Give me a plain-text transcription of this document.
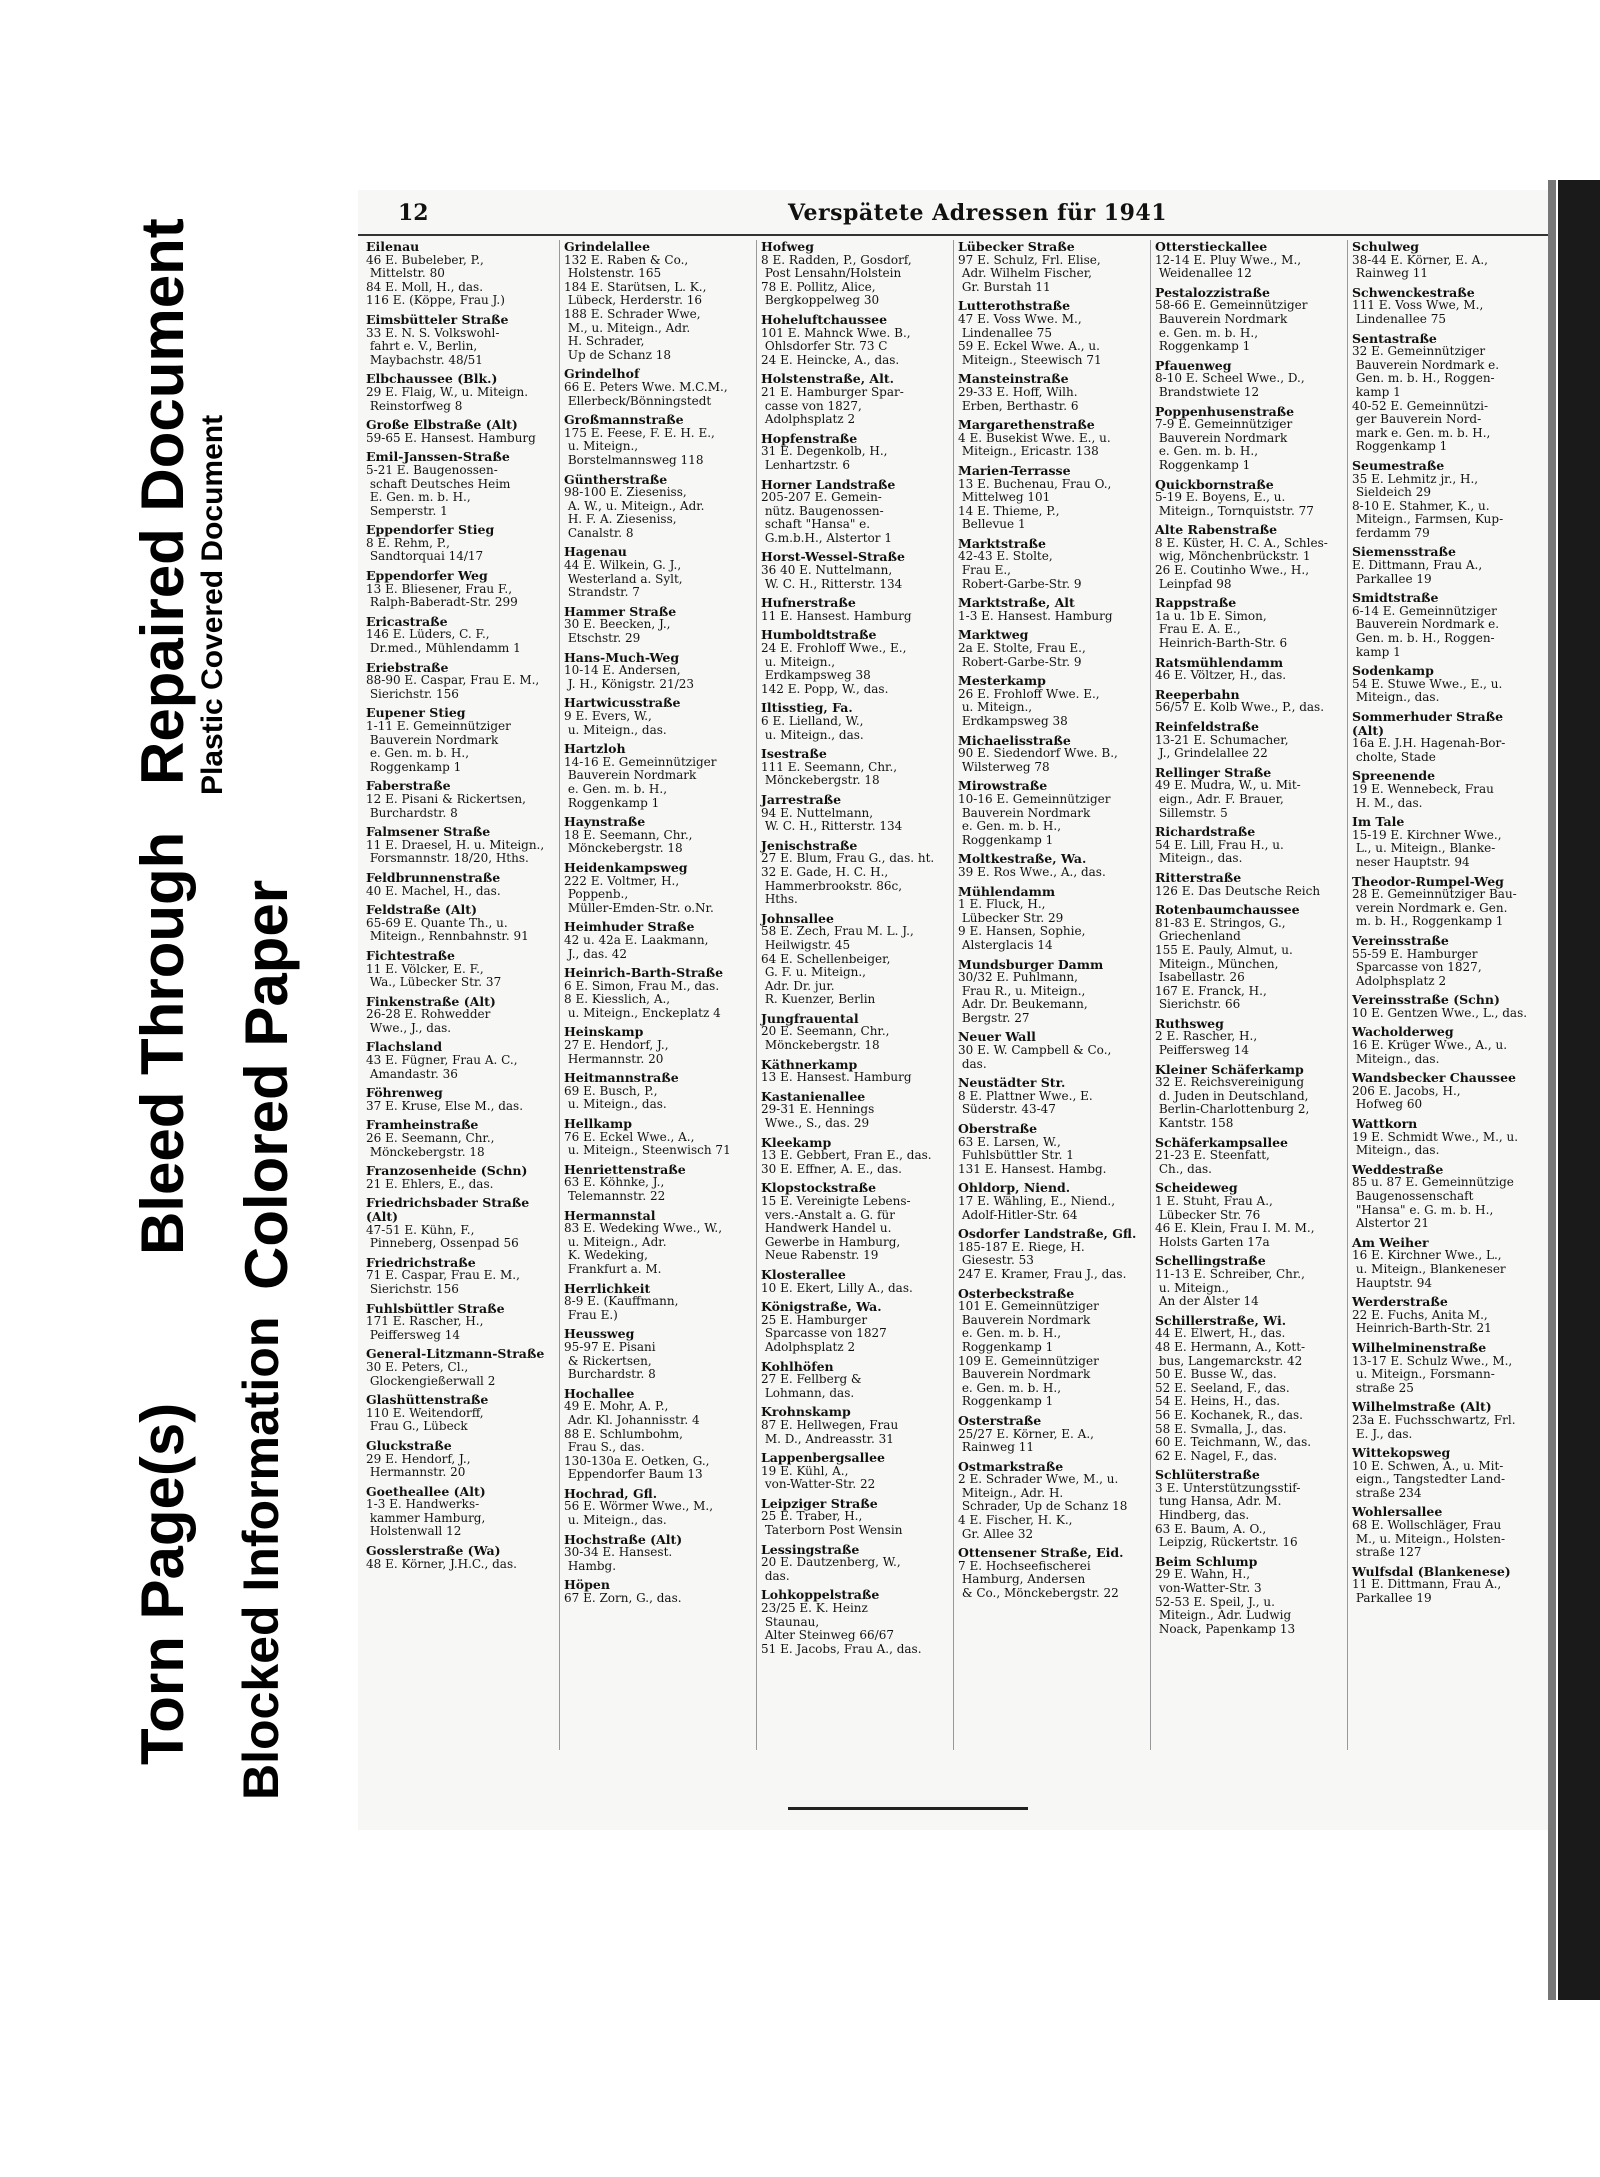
Torn Page(s)
Bleed Through
Repaired Document
Blocked Information
Colored Paper
Plastic Covered Document
12	Verspätete Adressen für 1941
Eilenau
46 E. Bubeleber, P.,
Mittelstr. 80
84 E. Moll, H., das.
116 E. (Köppe, Frau J.)
Eimsbütteler Straße
33 E. N. S. Volkswohl-
fahrt e. V., Berlin,
Maybachstr. 48/51
Elbchaussee (Blk.)
29 E. Flaig, W., u. Miteign.
Reinstorfweg 8
Große Elbstraße (Alt)
59-65 E. Hansest. Hamburg
Emil-Janssen-Straße
5-21 E. Baugenossen-
schaft Deutsches Heim
E. Gen. m. b. H.,
Semperstr. 1
Eppendorfer Stieg
8 E. Rehm, P.,
Sandtorquai 14/17
Eppendorfer Weg
13 E. Bliesener, Frau F.,
Ralph-Baberadt-Str. 299
Ericastraße
146 E. Lüders, C. F.,
Dr.med., Mühlendamm 1
Eriebstraße
88-90 E. Caspar, Frau E. M.,
Sierichstr. 156
Eupener Stieg
1-11 E. Gemeinnütziger
Bauverein Nordmark
e. Gen. m. b. H.,
Roggenkamp 1
Faberstraße
12 E. Pisani & Rickertsen,
Burchardstr. 8
Falmsener Straße
11 E. Draesel, H. u. Miteign.,
Forsmannstr. 18/20, Hths.
Feldbrunnenstraße
40 E. Machel, H., das.
Feldstraße (Alt)
65-69 E. Quante Th., u.
Miteign., Rennbahnstr. 91
Fichtestraße
11 E. Völcker, E. F.,
Wa., Lübecker Str. 37
Finkenstraße (Alt)
26-28 E. Rohwedder
Wwe., J., das.
Flachsland
43 E. Fügner, Frau A. C.,
Amandastr. 36
Föhrenweg
37 E. Kruse, Else M., das.
Framheinstraße
26 E. Seemann, Chr.,
Mönckebergstr. 18
Franzosenheide (Schn)
21 E. Ehlers, E., das.
Friedrichsbader Straße (Alt)
47-51 E. Kühn, F.,
Pinneberg, Ossenpad 56
Friedrichstraße
71 E. Caspar, Frau E. M.,
Sierichstr. 156
Fuhlsbüttler Straße
171 E. Rascher, H.,
Peiffersweg 14
General-Litzmann-Straße
30 E. Peters, Cl.,
Glockengießerwall 2
Glashüttenstraße
110 E. Weitendorff,
Frau G., Lübeck
Gluckstraße
29 E. Hendorf, J.,
Hermannstr. 20
Goetheallee (Alt)
1-3 E. Handwerks-
kammer Hamburg,
Holstenwall 12
Gosslerstraße (Wa)
48 E. Körner, J.H.C., das.
Grindelallee
132 E. Raben & Co.,
Holstenstr. 165
184 E. Starütsen, L. K.,
Lübeck, Herderstr. 16
188 E. Schrader Wwe,
M., u. Miteign., Adr.
H. Schrader,
Up de Schanz 18
Grindelhof
66 E. Peters Wwe. M.C.M.,
Ellerbeck/Bönningstedt
Großmannstraße
175 E. Feese, F. E. H. E.,
u. Miteign.,
Borstelmannsweg 118
Güntherstraße
98-100 E. Zieseniss,
A. W., u. Miteign., Adr.
H. F. A. Zieseniss,
Canalstr. 8
Hagenau
44 E. Wilkein, G. J.,
Westerland a. Sylt,
Strandstr. 7
Hammer Straße
30 E. Beecken, J.,
Etschstr. 29
Hans-Much-Weg
10-14 E. Andersen,
J. H., Königstr. 21/23
Hartwicusstraße
9 E. Evers, W.,
u. Miteign., das.
Hartzloh
14-16 E. Gemeinnütziger
Bauverein Nordmark
e. Gen. m. b. H.,
Roggenkamp 1
Haynstraße
18 E. Seemann, Chr.,
Mönckebergstr. 18
Heidenkampsweg
222 E. Voltmer, H.,
Poppenb.,
Müller-Emden-Str. o.Nr.
Heimhuder Straße
42 u. 42a E. Laakmann,
J., das. 42
Heinrich-Barth-Straße
6 E. Simon, Frau M., das.
8 E. Kiesslich, A.,
u. Miteign., Enckeplatz 4
Heinskamp
27 E. Hendorf, J.,
Hermannstr. 20
Heitmannstraße
69 E. Busch, P.,
u. Miteign., das.
Hellkamp
76 E. Eckel Wwe., A.,
u. Miteign., Steenwisch 71
Henriettenstraße
63 E. Köhnke, J.,
Telemannstr. 22
Hermannstal
83 E. Wedeking Wwe., W.,
u. Miteign., Adr.
K. Wedeking,
Frankfurt a. M.
Herrlichkeit
8-9 E. (Kauffmann,
Frau E.)
Heussweg
95-97 E. Pisani
& Rickertsen,
Burchardstr. 8
Hochallee
49 E. Mohr, A. P.,
Adr. Kl. Johannisstr. 4
88 E. Schlumbohm,
Frau S., das.
130-130a E. Oetken, G.,
Eppendorfer Baum 13
Hochrad, Gfl.
56 E. Wörmer Wwe., M.,
u. Miteign., das.
Hochstraße (Alt)
30-34 E. Hansest.
Hambg.
Höpen
67 E. Zorn, G., das.
Hofweg
8 E. Radden, P., Gosdorf,
Post Lensahn/Holstein
78 E. Pollitz, Alice,
Bergkoppelweg 30
Hoheluftchaussee
101 E. Mahnck Wwe. B.,
Ohlsdorfer Str. 73 C
24 E. Heincke, A., das.
Holstenstraße, Alt.
21 E. Hamburger Spar-
casse von 1827,
Adolphsplatz 2
Hopfenstraße
31 E. Degenkolb, H.,
Lenhartzstr. 6
Horner Landstraße
205-207 E. Gemein-
nütz. Baugenossen-
schaft "Hansa" e.
G.m.b.H., Alstertor 1
Horst-Wessel-Straße
36 40 E. Nuttelmann,
W. C. H., Ritterstr. 134
Hufnerstraße
11 E. Hansest. Hamburg
Humboldtstraße
24 E. Frohloff Wwe., E.,
u. Miteign.,
Erdkampsweg 38
142 E. Popp, W., das.
Iltisstieg, Fa.
6 E. Lielland, W.,
u. Miteign., das.
Isestraße
111 E. Seemann, Chr.,
Mönckebergstr. 18
Jarrestraße
94 E. Nuttelmann,
W. C. H., Ritterstr. 134
Jenischstraße
27 E. Blum, Frau G., das. ht.
32 E. Gade, H. C. H.,
Hammerbrookstr. 86c,
Hths.
Johnsallee
58 E. Zech, Frau M. L. J.,
Heilwigstr. 45
64 E. Schellenbeiger,
G. F. u. Miteign.,
Adr. Dr. jur.
R. Kuenzer, Berlin
Jungfrauental
20 E. Seemann, Chr.,
Mönckebergstr. 18
Käthnerkamp
13 E. Hansest. Hamburg
Kastanienallee
29-31 E. Hennings
Wwe., S., das. 29
Kleekamp
13 E. Gebbert, Fran E., das.
30 E. Effner, A. E., das.
Klopstockstraße
15 E. Vereinigte Lebens-
vers.-Anstalt a. G. für
Handwerk Handel u.
Gewerbe in Hamburg,
Neue Rabenstr. 19
Klosterallee
10 E. Ekert, Lilly A., das.
Königstraße, Wa.
25 E. Hamburger
Sparcasse von 1827
Adolphsplatz 2
Kohlhöfen
27 E. Fellberg &
Lohmann, das.
Krohnskamp
87 E. Hellwegen, Frau
M. D., Andreasstr. 31
Lappenbergsallee
19 E. Kühl, A.,
von-Watter-Str. 22
Leipziger Straße
25 E. Traber, H.,
Taterborn Post Wensin
Lessingstraße
20 E. Dautzenberg, W.,
das.
Lohkoppelstraße
23/25 E. K. Heinz
Staunau,
Alter Steinweg 66/67
51 E. Jacobs, Frau A., das.
Lübecker Straße
97 E. Schulz, Frl. Elise,
Adr. Wilhelm Fischer,
Gr. Burstah 11
Lutterothstraße
47 E. Voss Wwe. M.,
Lindenallee 75
59 E. Eckel Wwe. A., u.
Miteign., Steewisch 71
Mansteinstraße
29-33 E. Hoff, Wilh.
Erben, Berthastr. 6
Margarethenstraße
4 E. Busekist Wwe. E., u.
Miteign., Ericastr. 138
Marien-Terrasse
13 E. Buchenau, Frau O.,
Mittelweg 101
14 E. Thieme, P.,
Bellevue 1
Marktstraße
42-43 E. Stolte,
Frau E.,
Robert-Garbe-Str. 9
Marktstraße, Alt
1-3 E. Hansest. Hamburg
Marktweg
2a E. Stolte, Frau E.,
Robert-Garbe-Str. 9
Mesterkamp
26 E. Frohloff Wwe. E.,
u. Miteign.,
Erdkampsweg 38
Michaelisstraße
90 E. Siedendorf Wwe. B.,
Wilsterweg 78
Mirowstraße
10-16 E. Gemeinnütziger
Bauverein Nordmark
e. Gen. m. b. H.,
Roggenkamp 1
Moltkestraße, Wa.
39 E. Ros Wwe., A., das.
Mühlendamm
1 E. Fluck, H.,
Lübecker Str. 29
9 E. Hansen, Sophie,
Alsterglacis 14
Mundsburger Damm
30/32 E. Puhlmann,
Frau R., u. Miteign.,
Adr. Dr. Beukemann,
Bergstr. 27
Neuer Wall
30 E. W. Campbell & Co.,
das.
Neustädter Str.
8 E. Plattner Wwe., E.
Süderstr. 43-47
Oberstraße
63 E. Larsen, W.,
Fuhlsbüttler Str. 1
131 E. Hansest. Hambg.
Ohldorp, Niend.
17 E. Wähling, E., Niend.,
Adolf-Hitler-Str. 64
Osdorfer Landstraße, Gfl.
185-187 E. Riege, H.
Giesestr. 53
247 E. Kramer, Frau J., das.
Osterbeckstraße
101 E. Gemeinnütziger
Bauverein Nordmark
e. Gen. m. b. H.,
Roggenkamp 1
109 E. Gemeinnütziger
Bauverein Nordmark
e. Gen. m. b. H.,
Roggenkamp 1
Osterstraße
25/27 E. Körner, E. A.,
Rainweg 11
Ostmarkstraße
2 E. Schrader Wwe, M., u.
Miteign., Adr. H.
Schrader, Up de Schanz 18
4 E. Fischer, H. K.,
Gr. Allee 32
Ottensener Straße, Eid.
7 E. Hochseefischerei
Hamburg, Andersen
& Co., Mönckebergstr. 22
Otterstieckallee
12-14 E. Pluy Wwe., M.,
Weidenallee 12
Pestalozzistraße
58-66 E. Gemeinnütziger
Bauverein Nordmark
e. Gen. m. b. H.,
Roggenkamp 1
Pfauenweg
8-10 E. Scheel Wwe., D.,
Brandstwiete 12
Poppenhusenstraße
7-9 E. Gemeinnütziger
Bauverein Nordmark
e. Gen. m. b. H.,
Roggenkamp 1
Quickbornstraße
5-19 E. Boyens, E., u.
Miteign., Tornquiststr. 77
Alte Rabenstraße
8 E. Küster, H. C. A., Schles-
wig, Mönchenbrückstr. 1
26 E. Coutinho Wwe., H.,
Leinpfad 98
Rappstraße
1a u. 1b E. Simon,
Frau E. A. E.,
Heinrich-Barth-Str. 6
Ratsmühlendamm
46 E. Völtzer, H., das.
Reeperbahn
56/57 E. Kolb Wwe., P., das.
Reinfeldstraße
13-21 E. Schumacher,
J., Grindelallee 22
Rellinger Straße
49 E. Mudra, W., u. Mit-
eign., Adr. F. Brauer,
Sillemstr. 5
Richardstraße
54 E. Lill, Frau H., u.
Miteign., das.
Ritterstraße
126 E. Das Deutsche Reich
Rotenbaumchaussee
81-83 E. Stringos, G.,
Griechenland
155 E. Pauly, Almut, u.
Miteign., München,
Isabellastr. 26
167 E. Franck, H.,
Sierichstr. 66
Ruthsweg
2 E. Rascher, H.,
Peiffersweg 14
Kleiner Schäferkamp
32 E. Reichsvereinigung
d. Juden in Deutschland,
Berlin-Charlottenburg 2,
Kantstr. 158
Schäferkampsallee
21-23 E. Steenfatt,
Ch., das.
Scheideweg
1 E. Stuht, Frau A.,
Lübecker Str. 76
46 E. Klein, Frau I. M. M.,
Holsts Garten 17a
Schellingstraße
11-13 E. Schreiber, Chr.,
u. Miteign.,
An der Alster 14
Schillerstraße, Wi.
44 E. Elwert, H., das.
48 E. Hermann, A., Kott-
bus, Langemarckstr. 42
50 E. Busse W., das.
52 E. Seeland, F., das.
54 E. Heins, H., das.
56 E. Kochanek, R., das.
58 E. Svmalla, J., das.
60 E. Teichmann, W., das.
62 E. Nagel, F., das.
Schlüterstraße
3 E. Unterstützungsstif-
tung Hansa, Adr. M.
Hindberg, das.
63 E. Baum, A. O.,
Leipzig, Rückertstr. 16
Beim Schlump
29 E. Wahn, H.,
von-Watter-Str. 3
52-53 E. Speil, J., u.
Miteign., Adr. Ludwig
Noack, Papenkamp 13
Schulweg
38-44 E. Körner, E. A.,
Rainweg 11
Schwenckestraße
111 E. Voss Wwe, M.,
Lindenallee 75
Sentastraße
32 E. Gemeinnütziger
Bauverein Nordmark e.
Gen. m. b. H., Roggen-
kamp 1
40-52 E. Gemeinnützi-
ger Bauverein Nord-
mark e. Gen. m. b. H.,
Roggenkamp 1
Seumestraße
35 E. Lehmitz jr., H.,
Sieldeich 29
8-10 E. Stahmer, K., u.
Miteign., Farmsen, Kup-
ferdamm 79
Siemensstraße
E. Dittmann, Frau A.,
Parkallee 19
Smidtstraße
6-14 E. Gemeinnütziger
Bauverein Nordmark e.
Gen. m. b. H., Roggen-
kamp 1
Sodenkamp
54 E. Stuwe Wwe., E., u.
Miteign., das.
Sommerhuder Straße (Alt)
16a E. J.H. Hagenah-Bor-
cholte, Stade
Spreenende
19 E. Wennebeck, Frau
H. M., das.
Im Tale
15-19 E. Kirchner Wwe.,
L., u. Miteign., Blanke-
neser Hauptstr. 94
Theodor-Rumpel-Weg
28 E. Gemeinnütziger Bau-
verein Nordmark e. Gen.
m. b. H., Roggenkamp 1
Vereinsstraße
55-59 E. Hamburger
Sparcasse von 1827,
Adolphsplatz 2
Vereinsstraße (Schn)
10 E. Gentzen Wwe., L., das.
Wacholderweg
16 E. Krüger Wwe., A., u.
Miteign., das.
Wandsbecker Chaussee
206 E. Jacobs, H.,
Hofweg 60
Wattkorn
19 E. Schmidt Wwe., M., u.
Miteign., das.
Weddestraße
85 u. 87 E. Gemeinnützige
Baugenossenschaft
"Hansa" e. G. m. b. H.,
Alstertor 21
Am Weiher
16 E. Kirchner Wwe., L.,
u. Miteign., Blankeneser
Hauptstr. 94
Werderstraße
22 E. Fuchs, Anita M.,
Heinrich-Barth-Str. 21
Wilhelminenstraße
13-17 E. Schulz Wwe., M.,
u. Miteign., Forsmann-
straße 25
Wilhelmstraße (Alt)
23a E. Fuchsschwartz, Frl.
E. J., das.
Wittekopsweg
10 E. Schwen, A., u. Mit-
eign., Tangstedter Land-
straße 234
Wohlersallee
68 E. Wollschläger, Frau
M., u. Miteign., Holsten-
straße 127
Wulfsdal (Blankenese)
11 E. Dittmann, Frau A.,
Parkallee 19
